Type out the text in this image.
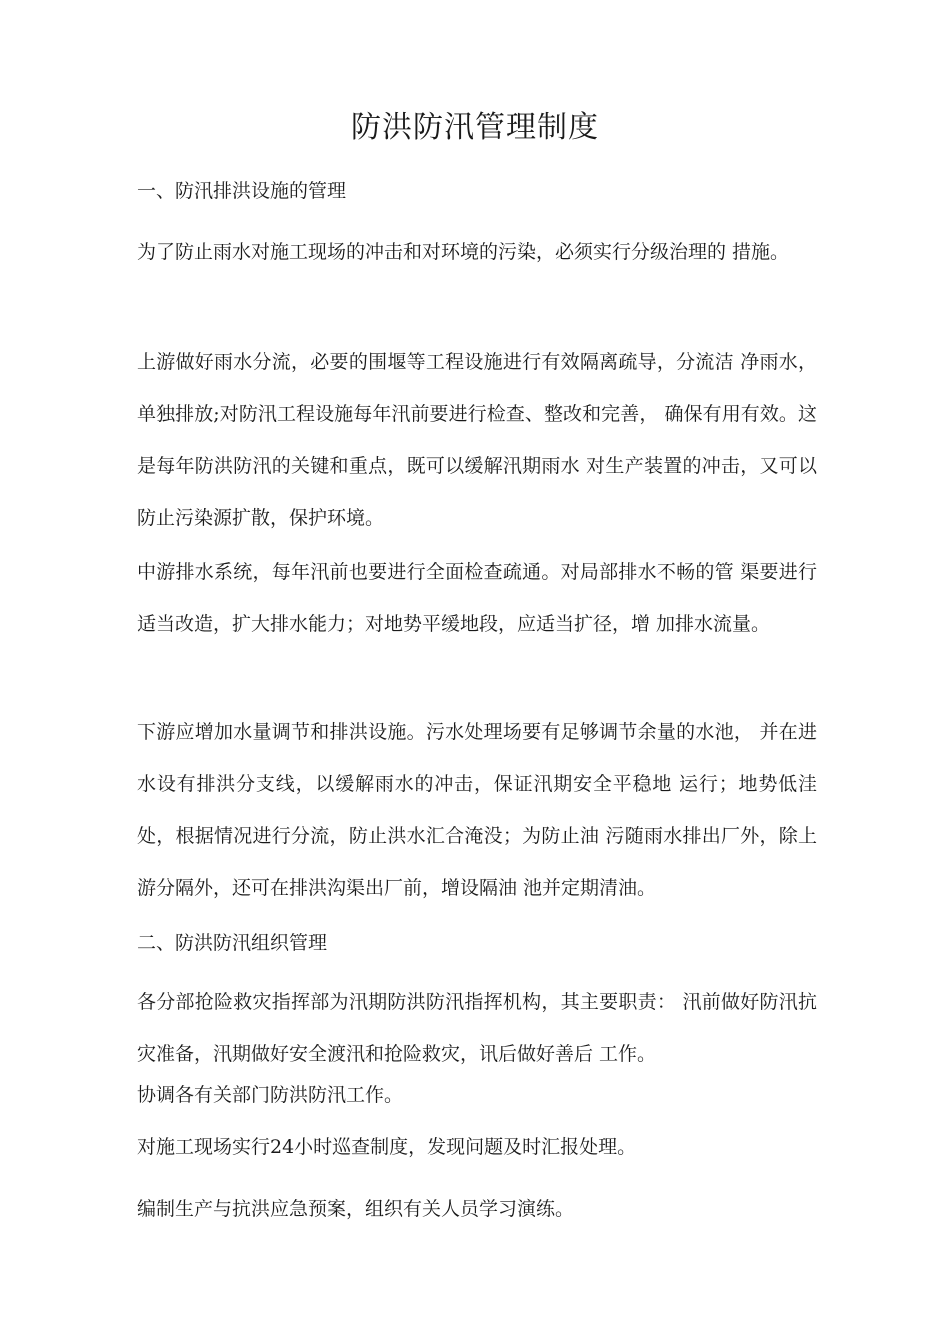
防洪防汛管理制度
一、防汛排洪设施的管理
为了防止雨水对施工现场的冲击和对环境的污染，必须实行分级治理的 措施。
上游做好雨水分流，必要的围堰等工程设施进行有效隔离疏导，分流洁 净雨水，单独排放;对防汛工程设施每年汛前要进行检查、整改和完善， 确保有用有效。这是每年防洪防汛的关键和重点，既可以缓解汛期雨水 对生产装置的冲击，又可以防止污染源扩散，保护环境。
中游排水系统，每年汛前也要进行全面检查疏通。对局部排水不畅的管 渠要进行适当改造，扩大排水能力；对地势平缓地段，应适当扩径，增 加排水流量。
下游应增加水量调节和排洪设施。污水处理场要有足够调节余量的水池， 并在进水设有排洪分支线，以缓解雨水的冲击，保证汛期安全平稳地 运行；地势低洼处，根据情况进行分流，防止洪水汇合淹没；为防止油 污随雨水排出厂外，除上游分隔外，还可在排洪沟渠出厂前，增设隔油 池并定期清油。
二、防洪防汛组织管理
各分部抢险救灾指挥部为汛期防洪防汛指挥机构，其主要职责： 汛前做好防汛抗灾准备，汛期做好安全渡汛和抢险救灾，讯后做好善后 工作。
协调各有关部门防洪防汛工作。
对施工现场实行24小时巡查制度，发现问题及时汇报处理。
编制生产与抗洪应急预案，组织有关人员学习演练。
